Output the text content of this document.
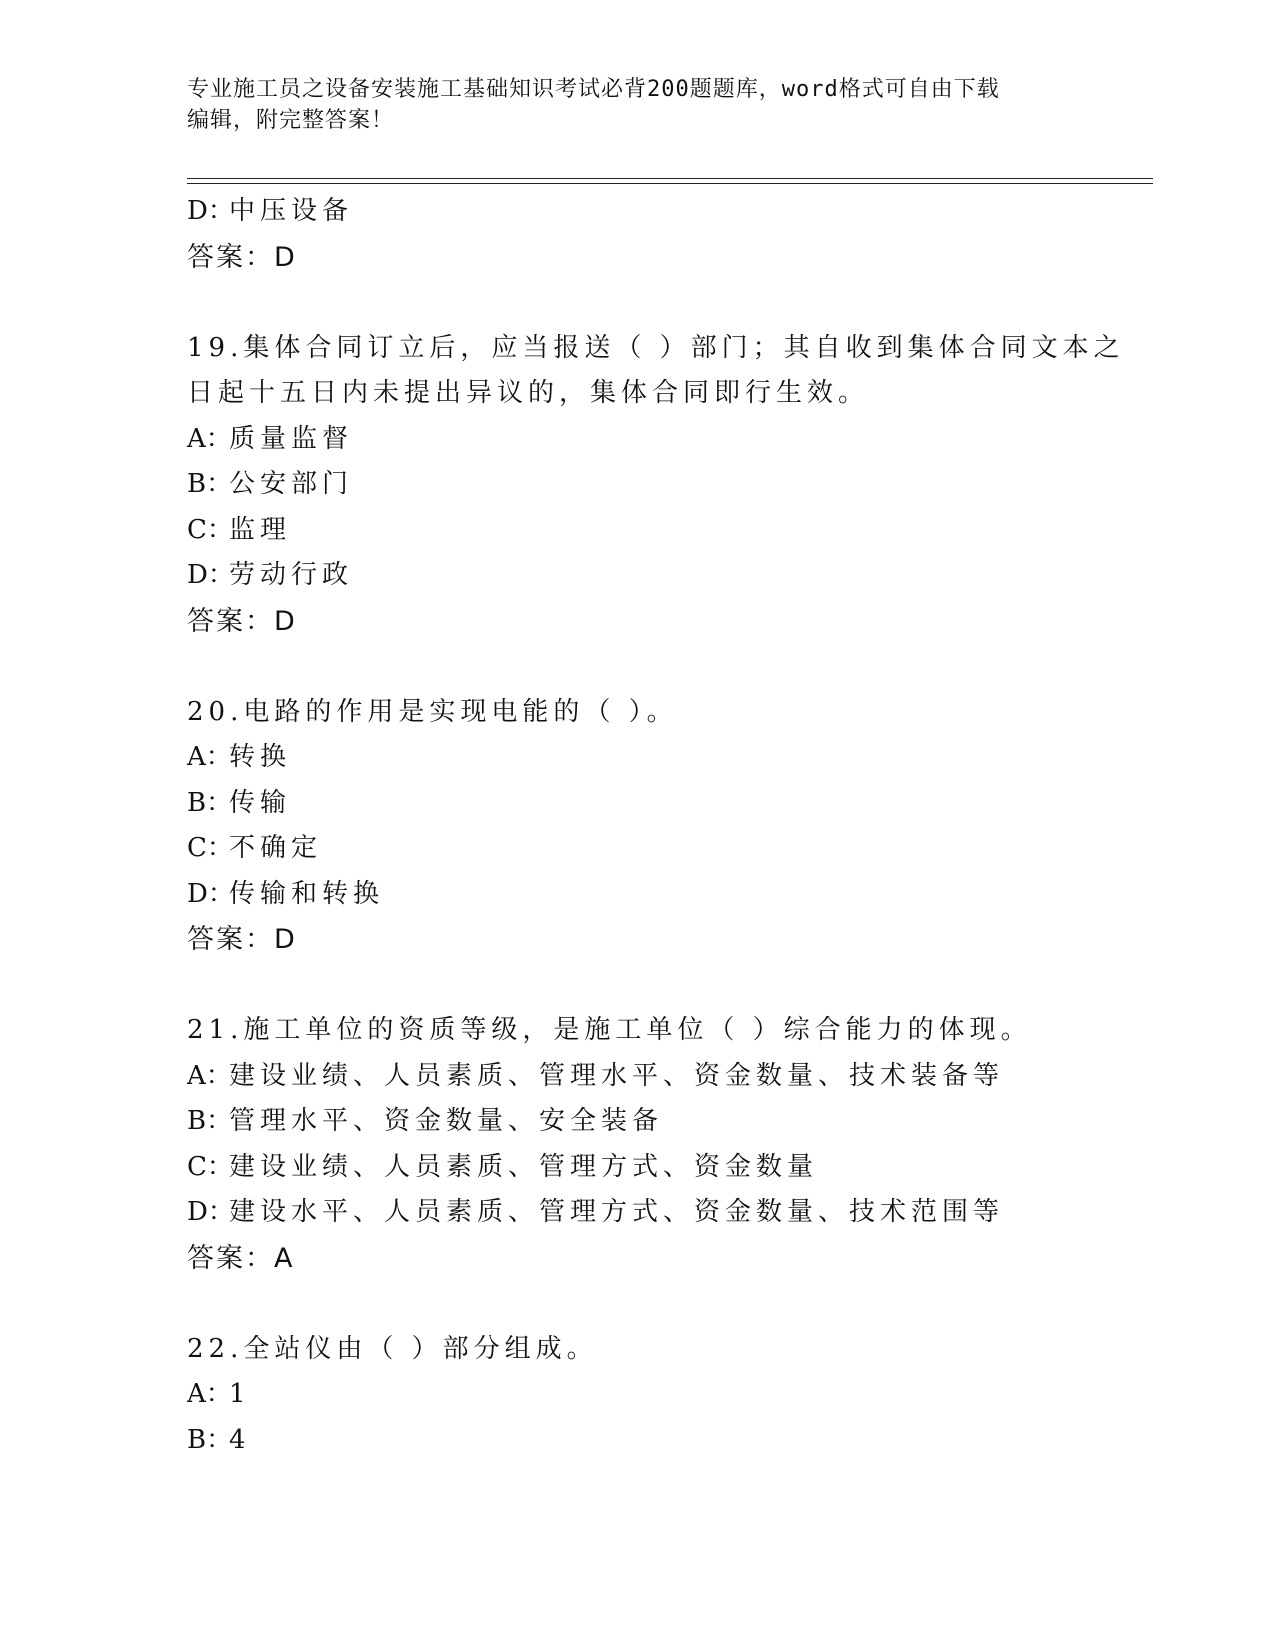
专业施工员之设备安装施工基础知识考试必背200题题库，word格式可自由下载
编辑，附完整答案！
D：中压设备
答案：D
19.集体合同订立后，应当报送（ ）部门；其自收到集体合同文本之
日起十五日内未提出异议的，集体合同即行生效。
A：质量监督
B：公安部门
C：监理
D：劳动行政
答案：D
20.电路的作用是实现电能的（ ）。
A：转换
B：传输
C：不确定
D：传输和转换
答案：D
21.施工单位的资质等级，是施工单位（ ）综合能力的体现。
A：建设业绩、人员素质、管理水平、资金数量、技术装备等
B：管理水平、资金数量、安全装备
C：建设业绩、人员素质、管理方式、资金数量
D：建设水平、人员素质、管理方式、资金数量、技术范围等
答案：A
22.全站仪由（ ）部分组成。
A：1
B：4
